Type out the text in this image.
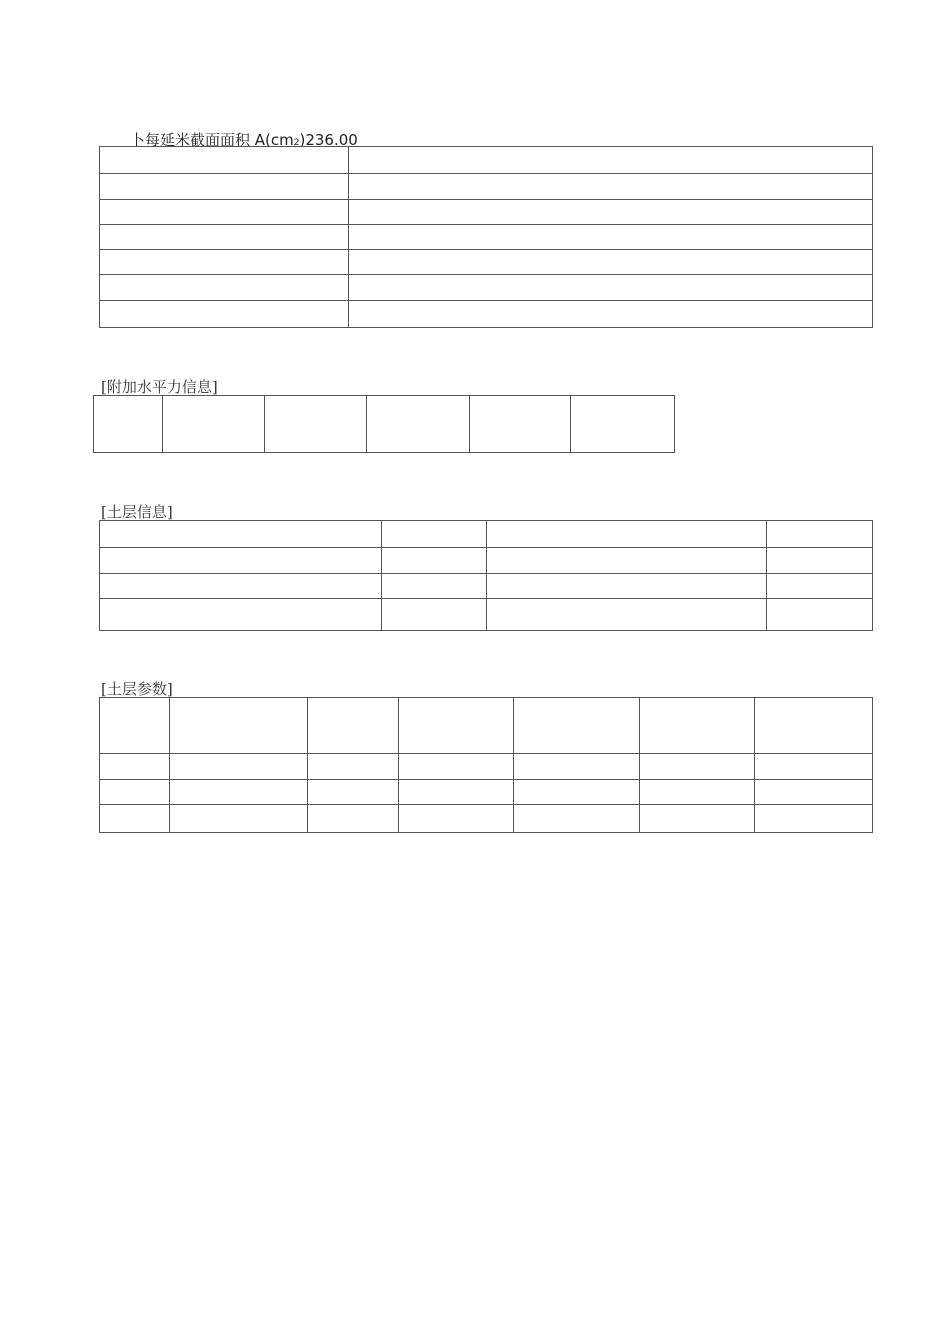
卜每延米截面面积 A(cm2)236.00

[附加水平力信息]

[土层信息]

[土层参数]
